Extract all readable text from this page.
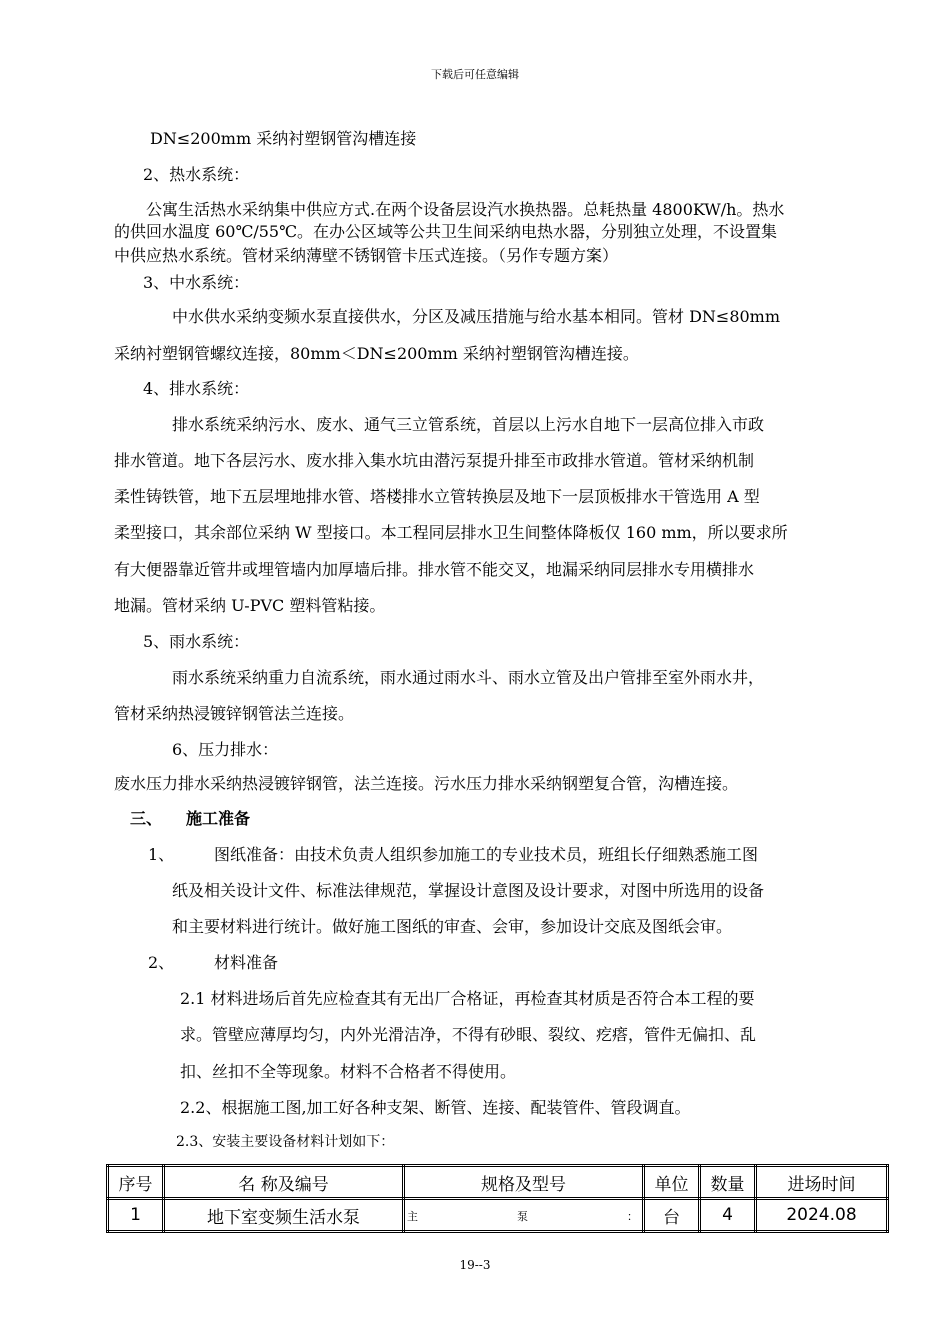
下载后可任意编辑
DN≤200mm 采纳衬塑钢管沟槽连接
2、热水系统：
公寓生活热水采纳集中供应方式.在两个设备层设汽水换热器。总耗热量 4800KW/h。热水
的供回水温度 60℃/55℃。在办公区域等公共卫生间采纳电热水器，分别独立处理，不设置集
中供应热水系统。管材采纳薄壁不锈钢管卡压式连接。（另作专题方案）
3、中水系统：
中水供水采纳变频水泵直接供水，分区及减压措施与给水基本相同。管材 DN≤80mm
采纳衬塑钢管螺纹连接，80mm＜DN≤200mm 采纳衬塑钢管沟槽连接。
4、排水系统：
排水系统采纳污水、废水、通气三立管系统，首层以上污水自地下一层高位排入市政
排水管道。地下各层污水、废水排入集水坑由潜污泵提升排至市政排水管道。管材采纳机制
柔性铸铁管，地下五层埋地排水管、塔楼排水立管转换层及地下一层顶板排水干管选用 A 型
柔型接口，其余部位采纳 W 型接口。本工程同层排水卫生间整体降板仅 160 mm，所以要求所
有大便器靠近管井或埋管墙内加厚墙后排。排水管不能交叉，地漏采纳同层排水专用横排水
地漏。管材采纳 U-PVC 塑料管粘接。
5、雨水系统：
雨水系统采纳重力自流系统，雨水通过雨水斗、雨水立管及出户管排至室外雨水井，
管材采纳热浸镀锌钢管法兰连接。
6、压力排水：
废水压力排水采纳热浸镀锌钢管，法兰连接。污水压力排水采纳钢塑复合管，沟槽连接。
三、 施工准备
1、 图纸准备：由技术负责人组织参加施工的专业技术员，班组长仔细熟悉施工图
纸及相关设计文件、标准法律规范，掌握设计意图及设计要求，对图中所选用的设备
和主要材料进行统计。做好施工图纸的审查、会审，参加设计交底及图纸会审。
2、 材料准备
2.1 材料进场后首先应检查其有无出厂合格证，再检查其材质是否符合本工程的要
求。管壁应薄厚均匀，内外光滑洁净，不得有砂眼、裂纹、疙瘩，管件无偏扣、乱
扣、丝扣不全等现象。材料不合格者不得使用。
2.2、根据施工图,加工好各种支架、断管、连接、配装管件、管段调直。
2.3、安装主要设备材料计划如下：
序号	名 称及编号	规格及型号	单位	数量	进场时间
1	地下室变频生活水泵	主 泵 ：	台	4	2024.08
19--3
